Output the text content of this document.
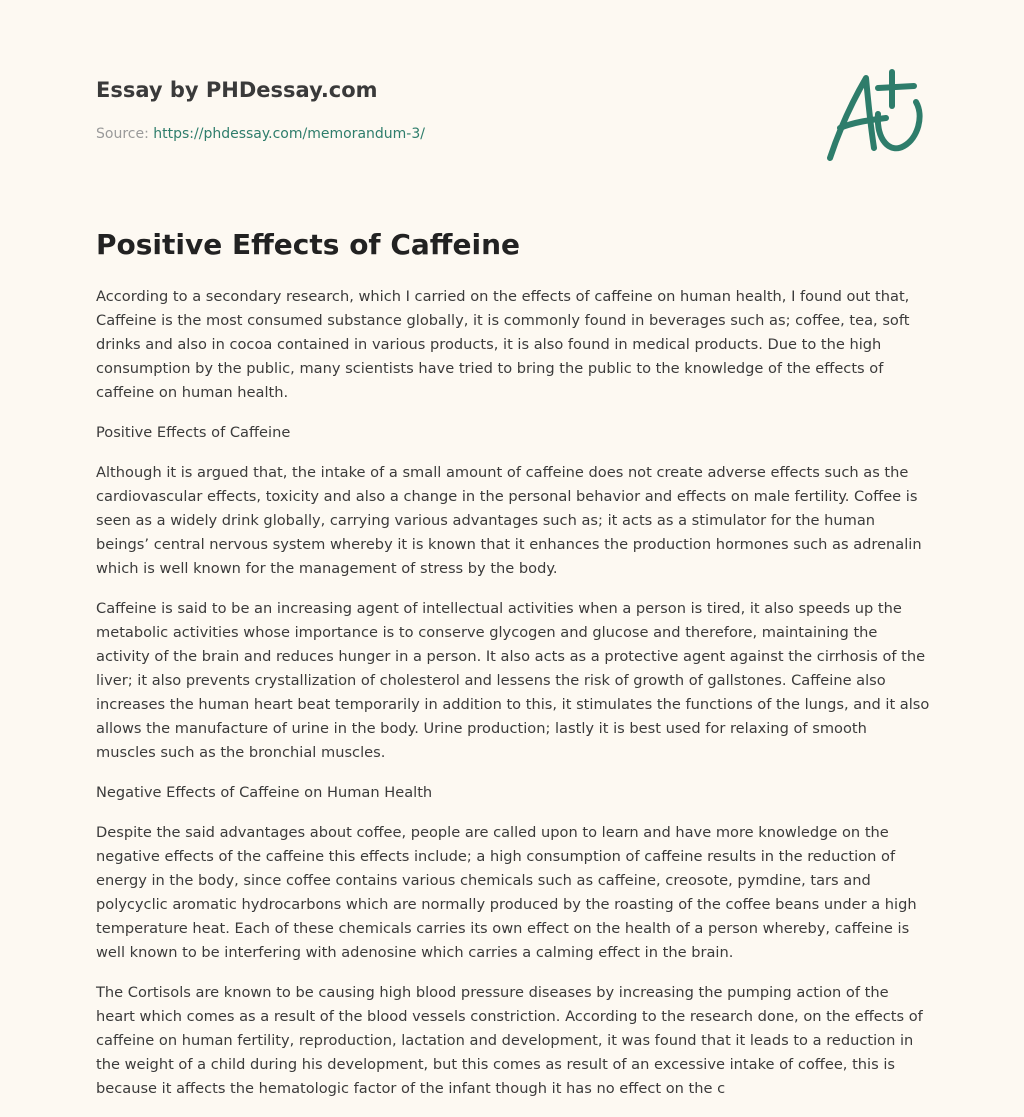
Essay by PHDessay.com
Source: https://phdessay.com/memorandum-3/
Positive Effects of Caffeine

According to a secondary research, which I carried on the effects of caffeine on human health, I found out that, Caffeine is the most consumed substance globally, it is commonly found in beverages such as; coffee, tea, soft drinks and also in cocoa contained in various products, it is also found in medical products. Due to the high consumption by the public, many scientists have tried to bring the public to the knowledge of the effects of caffeine on human health.

Positive Effects of Caffeine

Although it is argued that, the intake of a small amount of caffeine does not create adverse effects such as the cardiovascular effects, toxicity and also a change in the personal behavior and effects on male fertility. Coffee is seen as a widely drink globally, carrying various advantages such as; it acts as a stimulator for the human beings’ central nervous system whereby it is known that it enhances the production hormones such as adrenalin which is well known for the management of stress by the body.

Caffeine is said to be an increasing agent of intellectual activities when a person is tired, it also speeds up the metabolic activities whose importance is to conserve glycogen and glucose and therefore, maintaining the activity of the brain and reduces hunger in a person. It also acts as a protective agent against the cirrhosis of the liver; it also prevents crystallization of cholesterol and lessens the risk of growth of gallstones. Caffeine also increases the human heart beat temporarily in addition to this, it stimulates the functions of the lungs, and it also allows the manufacture of urine in the body. Urine production; lastly it is best used for relaxing of smooth muscles such as the bronchial muscles.

Negative Effects of Caffeine on Human Health

Despite the said advantages about coffee, people are called upon to learn and have more knowledge on the negative effects of the caffeine this effects include; a high consumption of caffeine results in the reduction of energy in the body, since coffee contains various chemicals such as caffeine, creosote, pymdine, tars and polycyclic aromatic hydrocarbons which are normally produced by the roasting of the coffee beans under a high temperature heat. Each of these chemicals carries its own effect on the health of a person whereby, caffeine is well known to be interfering with adenosine which carries a calming effect in the brain.

The Cortisols are known to be causing high blood pressure diseases by increasing the pumping action of the heart which comes as a result of the blood vessels constriction. According to the research done, on the effects of caffeine on human fertility, reproduction, lactation and development, it was found that it leads to a reduction in the weight of a child during his development, but this comes as result of an excessive intake of coffee, this is because it affects the hematologic factor of the infant though it has no effect on the c
